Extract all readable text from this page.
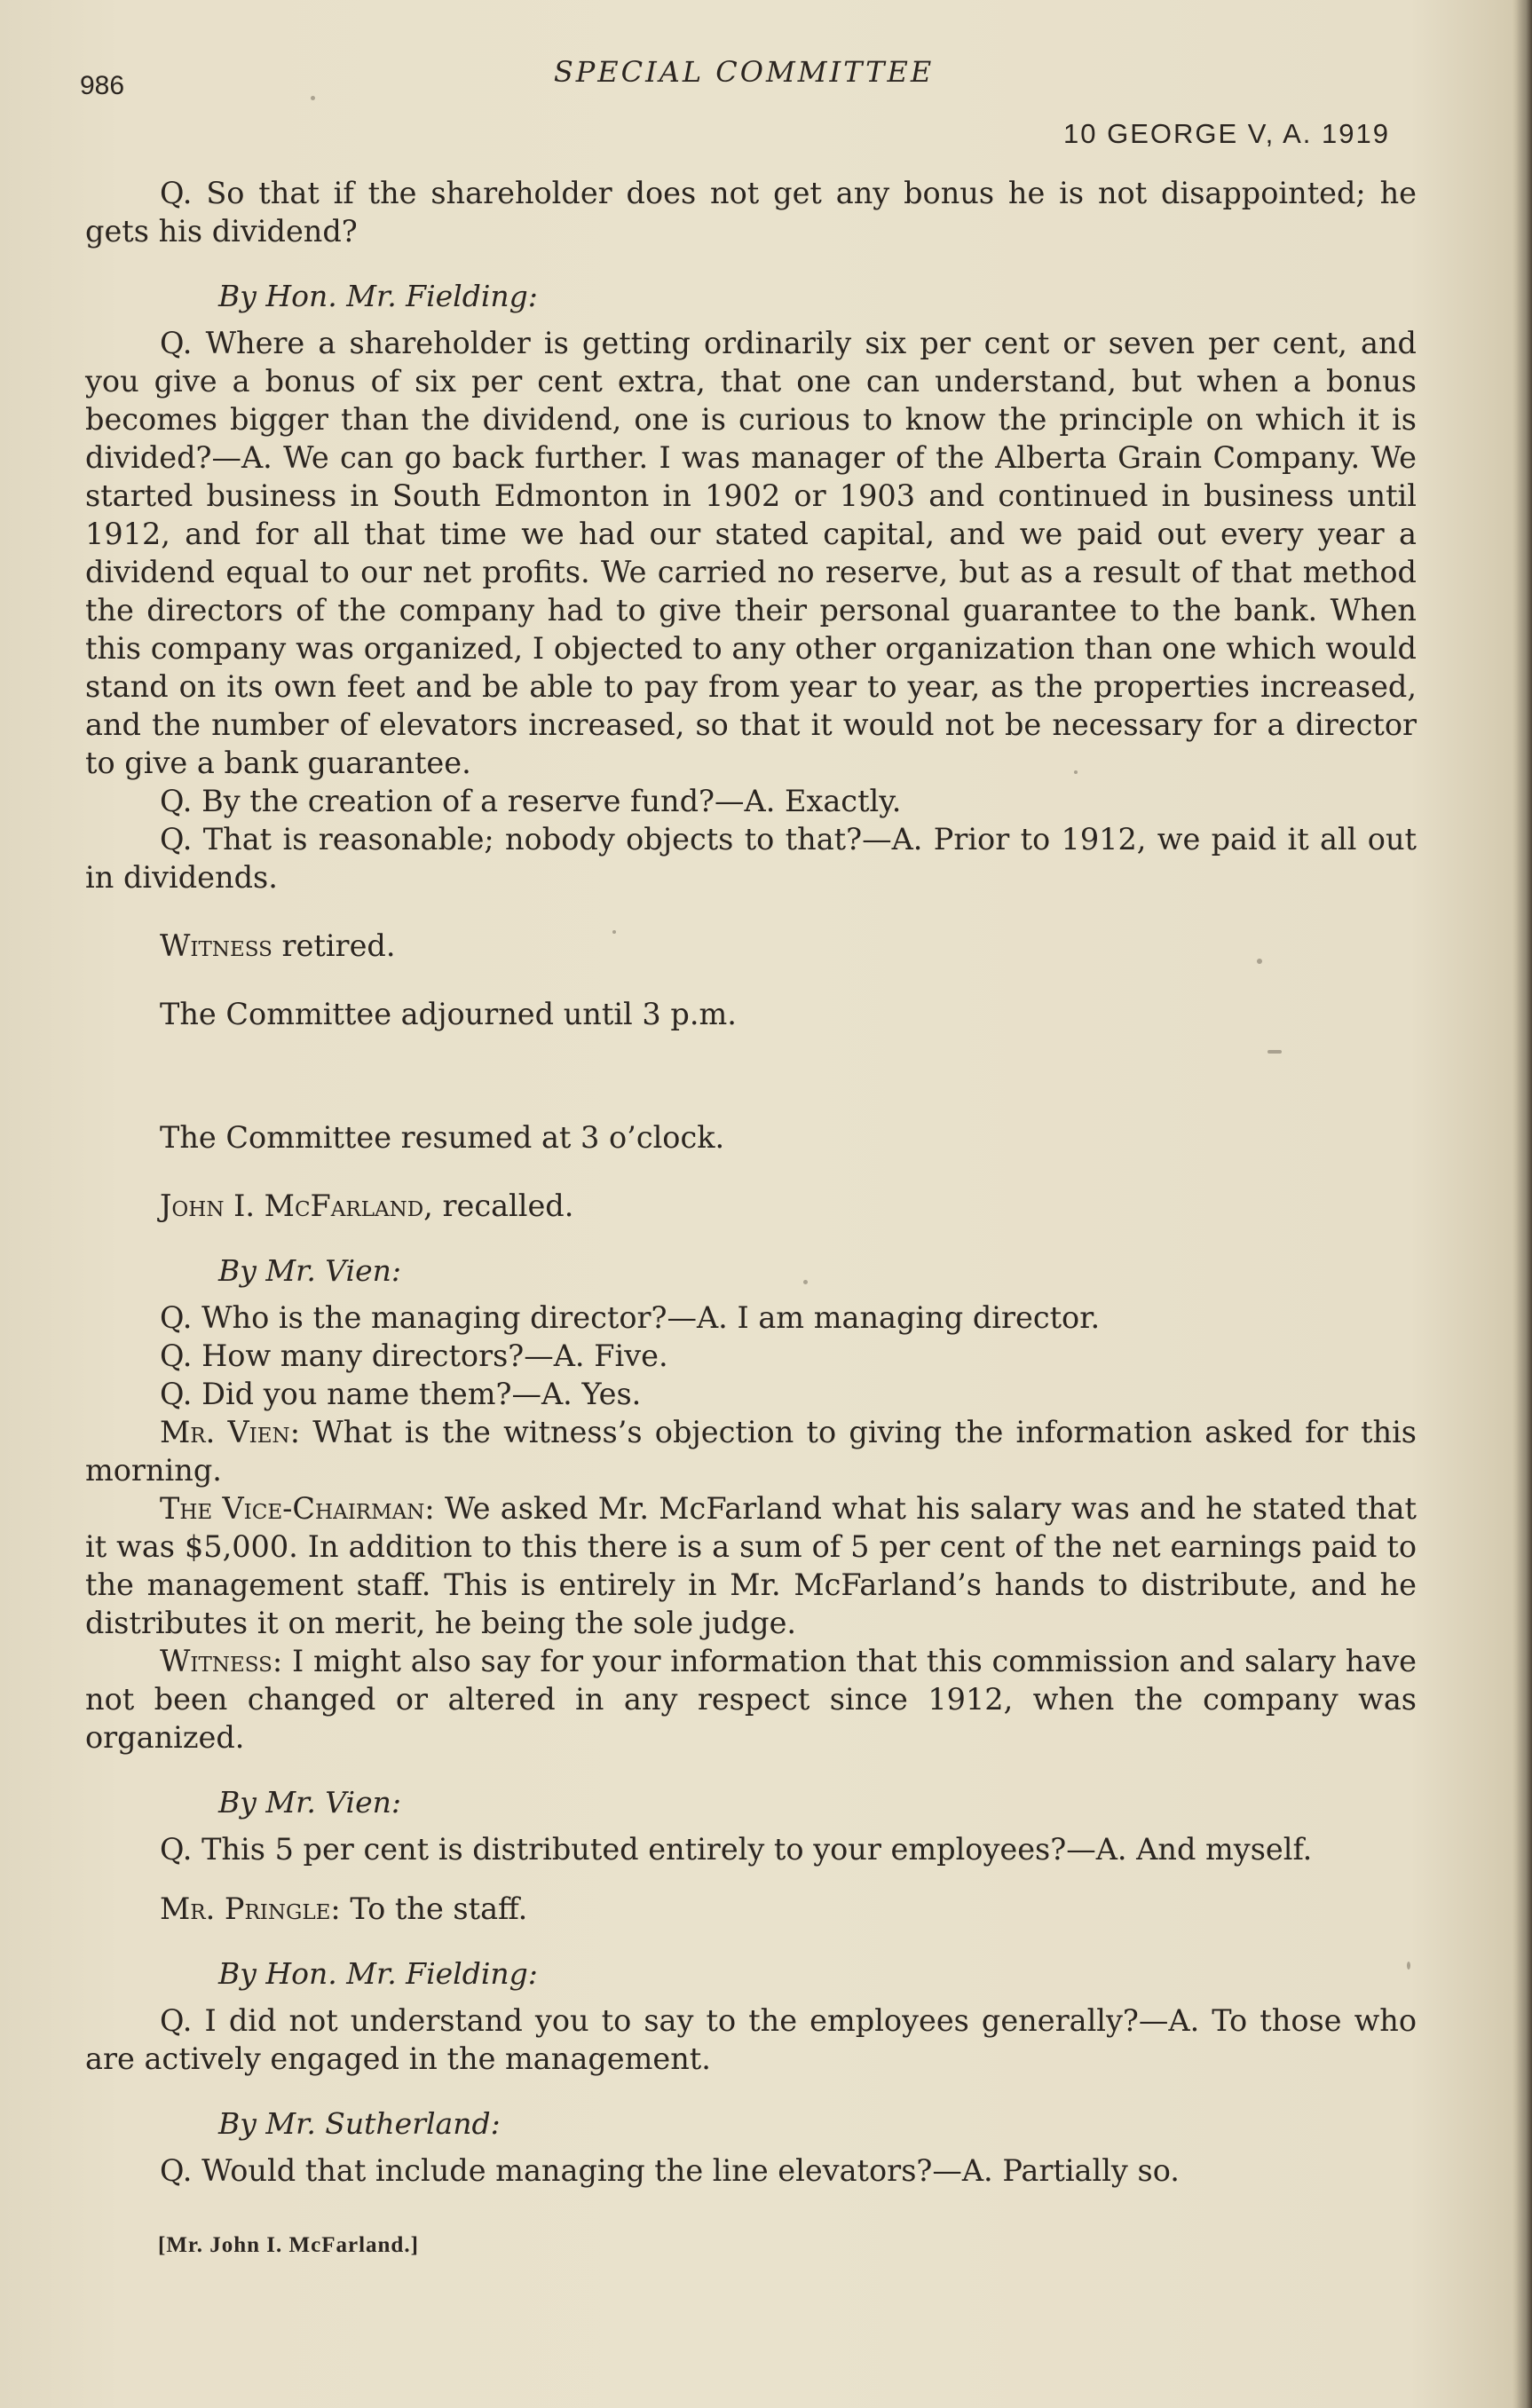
986	SPECIAL COMMITTEE
10 GEORGE V, A. 1919

Q. So that if the shareholder does not get any bonus he is not disappointed; he gets his dividend?

By Hon. Mr. Fielding:

Q. Where a shareholder is getting ordinarily six per cent or seven per cent, and you give a bonus of six per cent extra, that one can understand, but when a bonus becomes bigger than the dividend, one is curious to know the principle on which it is divided?—A. We can go back further. I was manager of the Alberta Grain Company. We started business in South Edmonton in 1902 or 1903 and continued in business until 1912, and for all that time we had our stated capital, and we paid out every year a dividend equal to our net profits. We carried no reserve, but as a result of that method the directors of the company had to give their personal guarantee to the bank. When this company was organized, I objected to any other organization than one which would stand on its own feet and be able to pay from year to year, as the properties increased, and the number of elevators increased, so that it would not be necessary for a director to give a bank guarantee.

Q. By the creation of a reserve fund?—A. Exactly.

Q. That is reasonable; nobody objects to that?—A. Prior to 1912, we paid it all out in dividends.

Witness retired.

The Committee adjourned until 3 p.m.

The Committee resumed at 3 o’clock.

John I. McFarland, recalled.

By Mr. Vien:

Q. Who is the managing director?—A. I am managing director.

Q. How many directors?—A. Five.

Q. Did you name them?—A. Yes.

Mr. Vien: What is the witness’s objection to giving the information asked for this morning.

The Vice-Chairman: We asked Mr. McFarland what his salary was and he stated that it was $5,000. In addition to this there is a sum of 5 per cent of the net earnings paid to the management staff. This is entirely in Mr. McFarland’s hands to distribute, and he distributes it on merit, he being the sole judge.

Witness: I might also say for your information that this commission and salary have not been changed or altered in any respect since 1912, when the company was organized.

By Mr. Vien:

Q. This 5 per cent is distributed entirely to your employees?—A. And myself.

Mr. Pringle: To the staff.

By Hon. Mr. Fielding:

Q. I did not understand you to say to the employees generally?—A. To those who are actively engaged in the management.

By Mr. Sutherland:

Q. Would that include managing the line elevators?—A. Partially so.

[Mr. John I. McFarland.]
